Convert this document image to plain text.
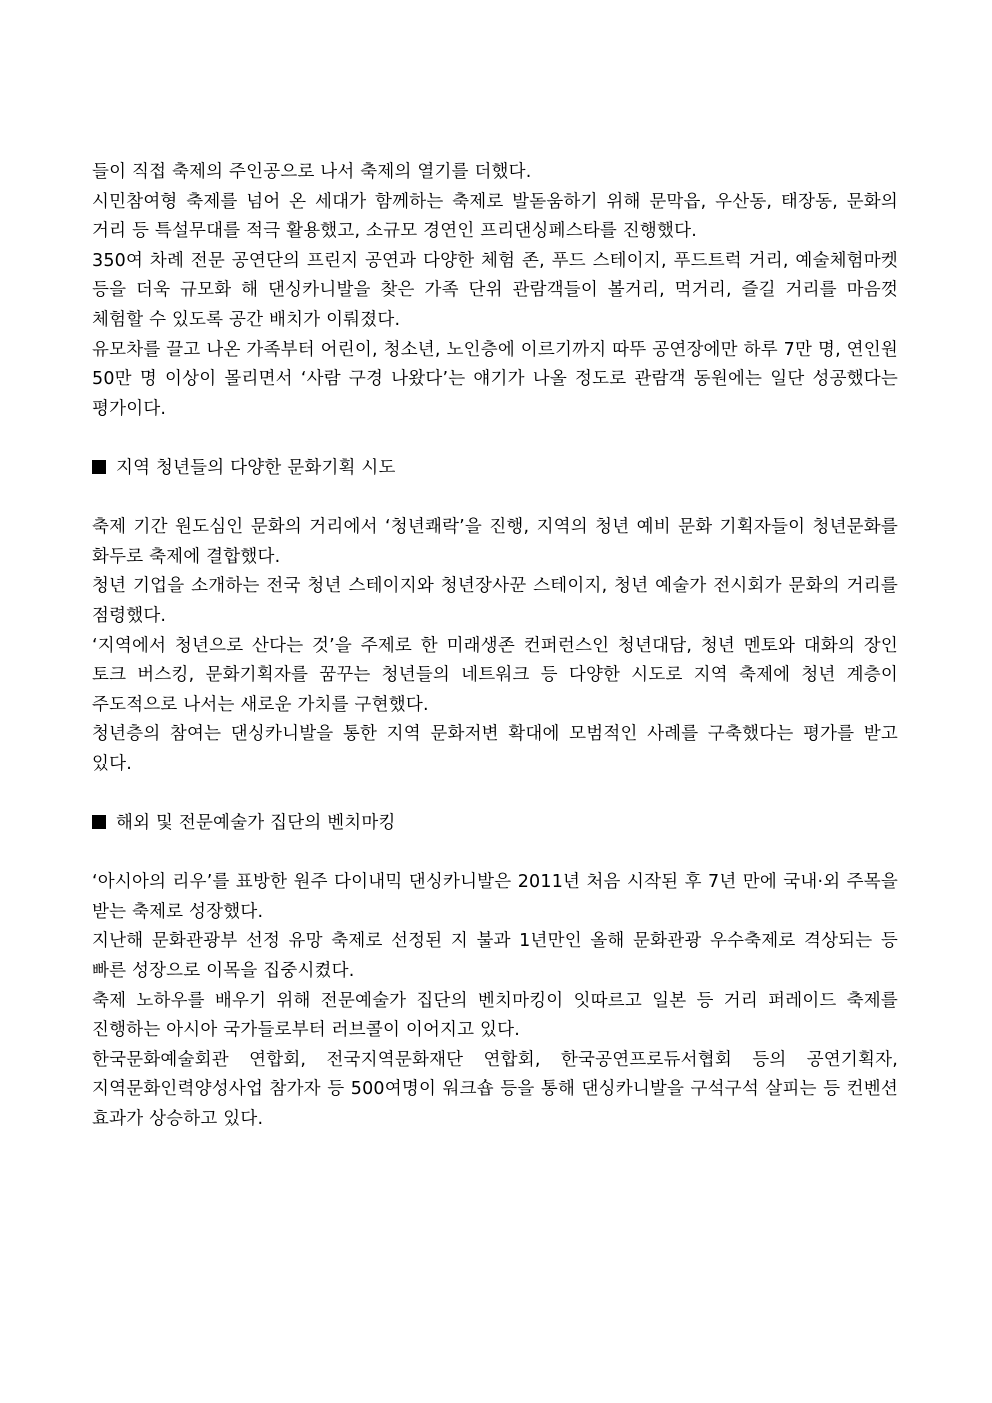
들이 직접 축제의 주인공으로 나서 축제의 열기를 더했다.

시민참여형 축제를 넘어 온 세대가 함께하는 축제로 발돋움하기 위해 문막읍, 우산동, 태장동, 문화의 거리 등 특설무대를 적극 활용했고, 소규모 경연인 프리댄싱페스타를 진행했다.

350여 차례 전문 공연단의 프린지 공연과 다양한 체험 존, 푸드 스테이지, 푸드트럭 거리, 예술체험마켓 등을 더욱 규모화 해 댄싱카니발을 찾은 가족 단위 관람객들이 볼거리, 먹거리, 즐길 거리를 마음껏 체험할 수 있도록 공간 배치가 이뤄졌다.

유모차를 끌고 나온 가족부터 어린이, 청소년, 노인층에 이르기까지 따뚜 공연장에만 하루 7만 명, 연인원 50만 명 이상이 몰리면서 ‘사람 구경 나왔다’는 얘기가 나올 정도로 관람객 동원에는 일단 성공했다는 평가이다.

지역 청년들의 다양한 문화기획 시도

축제 기간 원도심인 문화의 거리에서 ‘청년쾌락’을 진행, 지역의 청년 예비 문화 기획자들이 청년문화를 화두로 축제에 결합했다.

청년 기업을 소개하는 전국 청년 스테이지와 청년장사꾼 스테이지, 청년 예술가 전시회가 문화의 거리를 점령했다.

‘지역에서 청년으로 산다는 것’을 주제로 한 미래생존 컨퍼런스인 청년대담, 청년 멘토와 대화의 장인 토크 버스킹, 문화기획자를 꿈꾸는 청년들의 네트워크 등 다양한 시도로 지역 축제에 청년 계층이 주도적으로 나서는 새로운 가치를 구현했다.

청년층의 참여는 댄싱카니발을 통한 지역 문화저변 확대에 모범적인 사례를 구축했다는 평가를 받고 있다.

해외 및 전문예술가 집단의 벤치마킹

‘아시아의 리우’를 표방한 원주 다이내믹 댄싱카니발은 2011년 처음 시작된 후 7년 만에 국내·외 주목을 받는 축제로 성장했다.

지난해 문화관광부 선정 유망 축제로 선정된 지 불과 1년만인 올해 문화관광 우수축제로 격상되는 등 빠른 성장으로 이목을 집중시켰다.

축제 노하우를 배우기 위해 전문예술가 집단의 벤치마킹이 잇따르고 일본 등 거리 퍼레이드 축제를 진행하는 아시아 국가들로부터 러브콜이 이어지고 있다.

한국문화예술회관 연합회, 전국지역문화재단 연합회, 한국공연프로듀서협회 등의 공연기획자, 지역문화인력양성사업 참가자 등 500여명이 워크숍 등을 통해 댄싱카니발을 구석구석 살피는 등 컨벤션 효과가 상승하고 있다.
